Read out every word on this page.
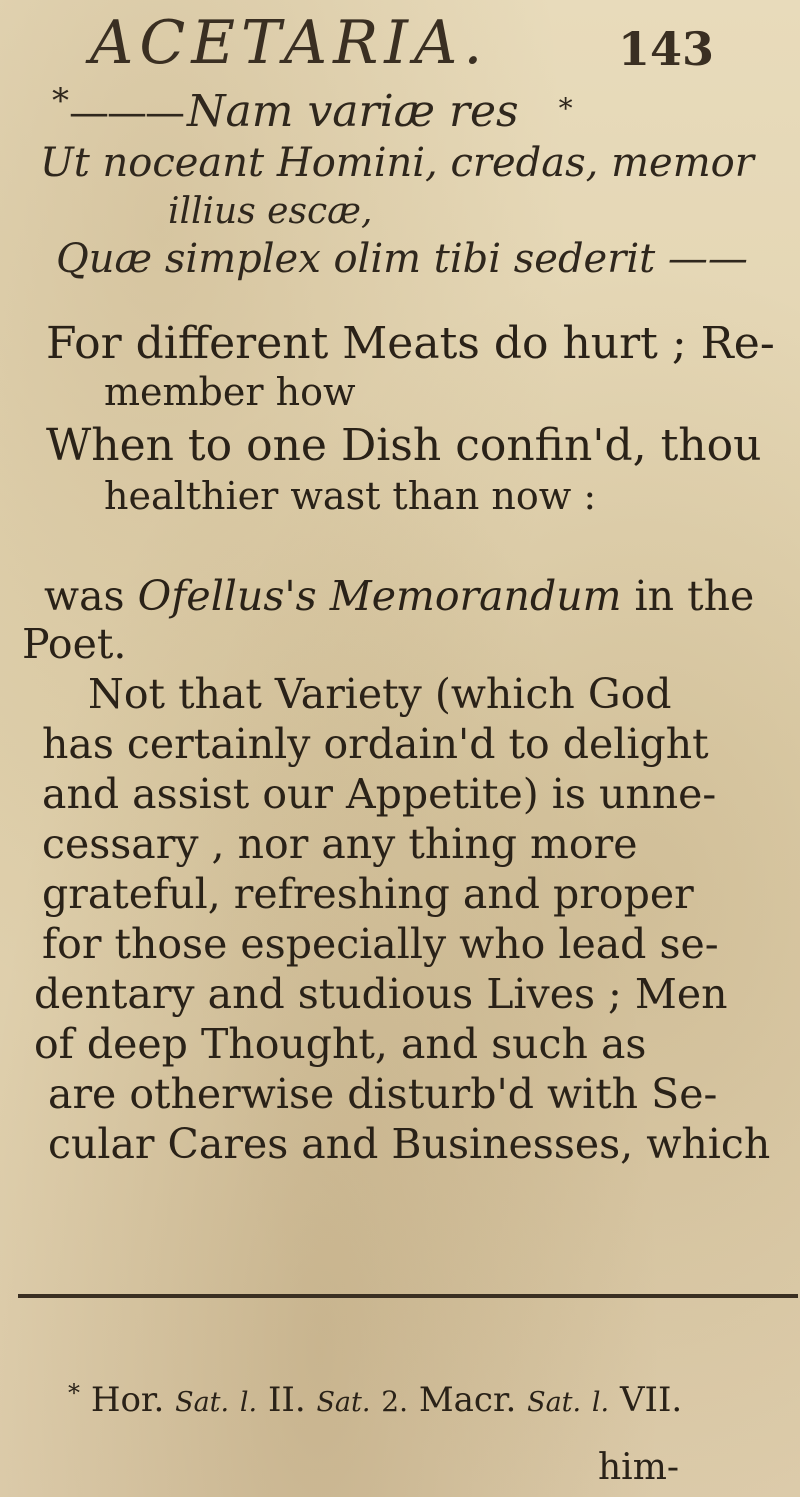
ACETARIA.	143
*———Nam variæ res *
Ut noceant Homini, credas, memor
illius escæ,
Quæ simplex olim tibi sederit ——
For different Meats do hurt ; Re-
member how
When to one Dish confin'd, thou
healthier wast than now :
was Ofellus's Memorandum in the
Poet.
Not that Variety (which God
has certainly ordain'd to delight
and assist our Appetite) is unne-
cessary , nor any thing more
grateful, refreshing and proper
for those especially who lead se-
dentary and studious Lives ; Men
of deep Thought, and such as
are otherwise disturb'd with Se-
cular Cares and Businesses, which
* Hor. Sat. l. II. Sat. 2. Macr. Sat. l. VII.
him-
